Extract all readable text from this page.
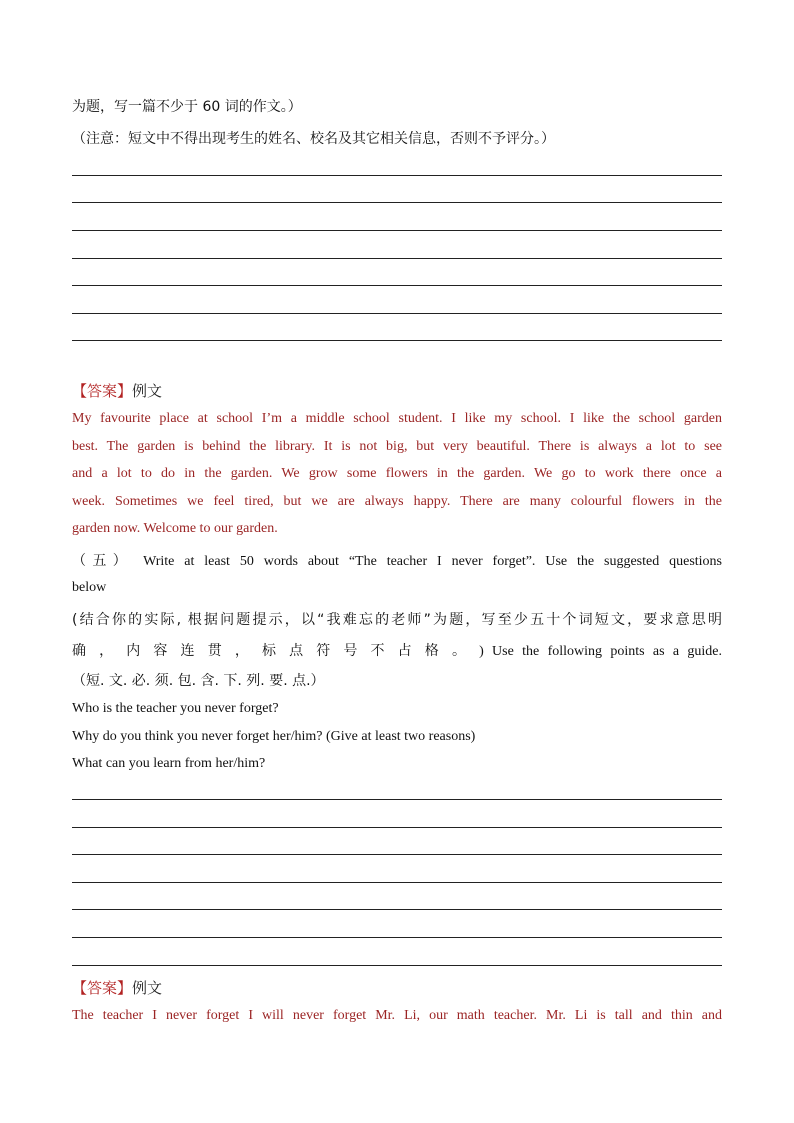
为题，写一篇不少于 60 词的作文。）
（注意：短文中不得出现考生的姓名、校名及其它相关信息，否则不予评分。）
【答案】例文
My favourite place at school I’m a middle school student. I like my school. I like the school garden
best. The garden is behind the library. It is not big, but very beautiful. There is always a lot to see
and a lot to do in the garden. We grow some flowers in the garden. We go to work there once a
week. Sometimes we feel tired, but we are always happy. There are many colourful flowers in the
garden now. Welcome to our garden.
（五） Write at least 50 words about “The teacher I never forget”. Use the suggested questions
below
(结合你的实际, 根据问题提示，以“我难忘的老师”为题，写至少五十个词短文，要求意思明
确 ， 内 容 连 贯 ， 标 点 符 号 不 占 格 。 ) Use the following points as a guide.
（短. 文. 必. 须. 包. 含. 下. 列. 要. 点.）
Who is the teacher you never forget?
Why do you think you never forget her/him? (Give at least two reasons)
What can you learn from her/him?
【答案】例文
The teacher I never forget I will never forget Mr. Li, our math teacher. Mr. Li is tall and thin and
